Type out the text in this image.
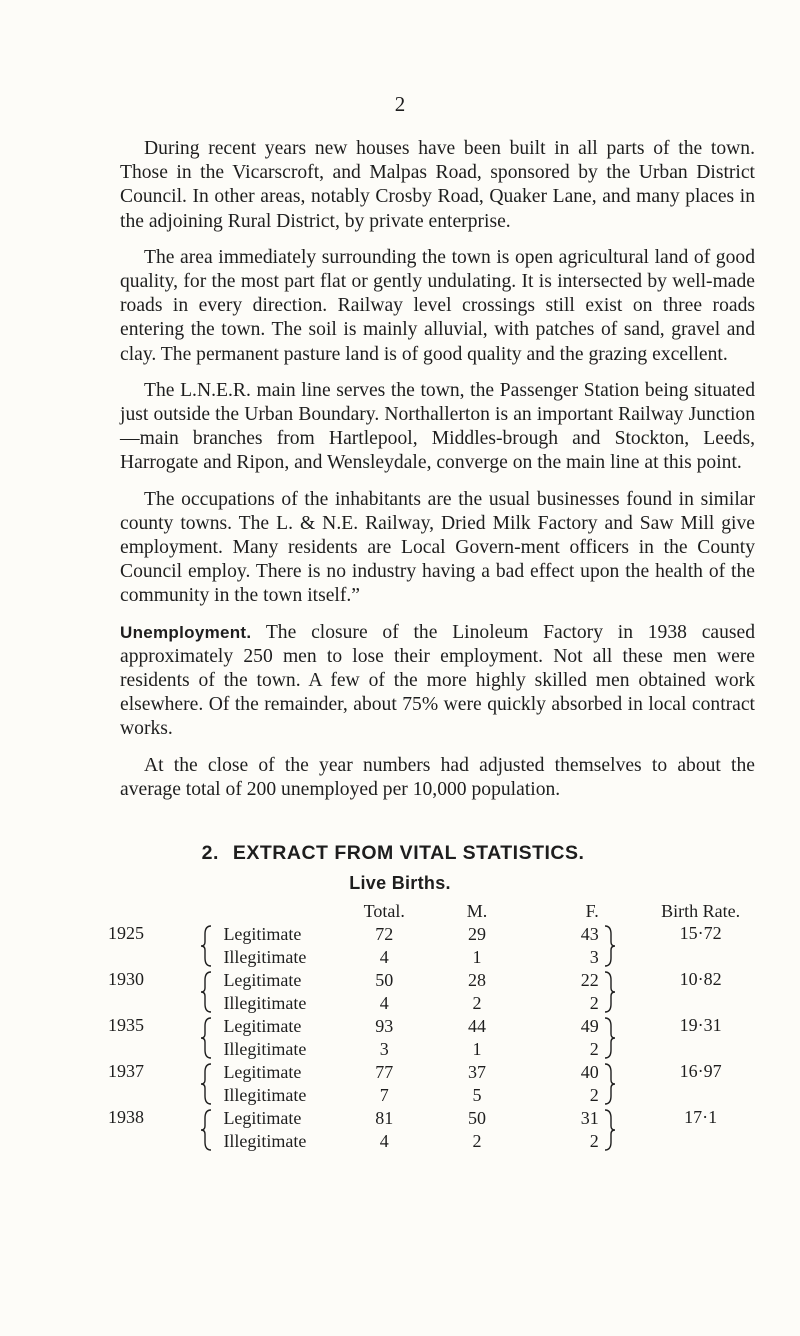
2

During recent years new houses have been built in all parts of the town. Those in the Vicarscroft, and Malpas Road, sponsored by the Urban District Council. In other areas, notably Crosby Road, Quaker Lane, and many places in the adjoining Rural District, by private enterprise.

The area immediately surrounding the town is open agricultural land of good quality, for the most part flat or gently undulating. It is intersected by well-made roads in every direction. Railway level crossings still exist on three roads entering the town. The soil is mainly alluvial, with patches of sand, gravel and clay. The permanent pasture land is of good quality and the grazing excellent.

The L.N.E.R. main line serves the town, the Passenger Station being situated just outside the Urban Boundary. Northallerton is an important Railway Junction—main branches from Hartlepool, Middles-brough and Stockton, Leeds, Harrogate and Ripon, and Wensleydale, converge on the main line at this point.

The occupations of the inhabitants are the usual businesses found in similar county towns. The L. & N.E. Railway, Dried Milk Factory and Saw Mill give employment. Many residents are Local Govern-ment officers in the County Council employ. There is no industry having a bad effect upon the health of the community in the town itself.”

Unemployment. The closure of the Linoleum Factory in 1938 caused approximately 250 men to lose their employment. Not all these men were residents of the town. A few of the more highly skilled men obtained work elsewhere. Of the remainder, about 75% were quickly absorbed in local contract works.

At the close of the year numbers had adjusted themselves to about the average total of 200 unemployed per 10,000 population.

2. EXTRACT FROM VITAL STATISTICS.
Live Births.
			Total.	M.	F.		Birth Rate.
1925		Legitimate	72	29	43		15·72
		Illegitimate	4	1	3		
1930		Legitimate	50	28	22		10·82
		Illegitimate	4	2	2		
1935		Legitimate	93	44	49		19·31
		Illegitimate	3	1	2		
1937		Legitimate	77	37	40		16·97
		Illegitimate	7	5	2		
1938		Legitimate	81	50	31		17·1
		Illegitimate	4	2	2		
